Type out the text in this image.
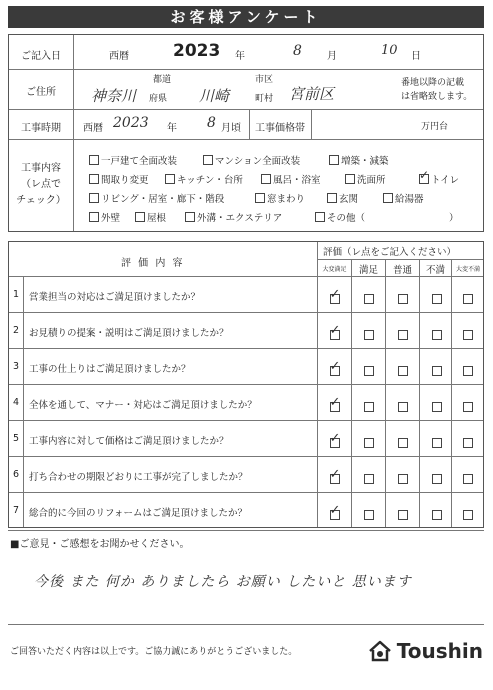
お客様アンケート
ご記入日	西暦	2023 年	8	月	10 日
ご住所
都道
神奈川 府県 川崎
市区
町村 宮前区
番地以降の記載
は省略致します。
工事時期	西暦 2023 年 8 月頃 工事価格帯	万円台
工事内容
（レ点で
チェック）
一戸建て全面改装	マンション全面改装	増築・減築
間取り変更	キッチン・台所	風呂・浴室	洗面所
✓	トイレ
リビング・居室・廊下・階段	窓まわり	玄関	給湯器
外壁	屋根	外溝・エクステリア	その他（	）
評 価 内 容
評価（レ点をご記入ください）
大変満足	満足	普通	不満	大変不満
1	営業担当の対応はご満足頂けましたか？
✓
2	お見積りの提案・説明はご満足頂けましたか？
✓
3	工事の仕上りはご満足頂けましたか？
✓
4	全体を通して、マナー・対応はご満足頂けましたか？
✓
5	工事内容に対して価格はご満足頂けましたか？
✓
6	打ち合わせの期限どおりに工事が完了しましたか？
✓
7	総合的に今回のリフォームはご満足頂けましたか？
✓
■ご意見・ご感想をお聞かせください。
今後 また 何か ありましたら お願い したいと 思います
ご回答いただく内容は以上です。ご協力誠にありがとうございました。	Toushin
